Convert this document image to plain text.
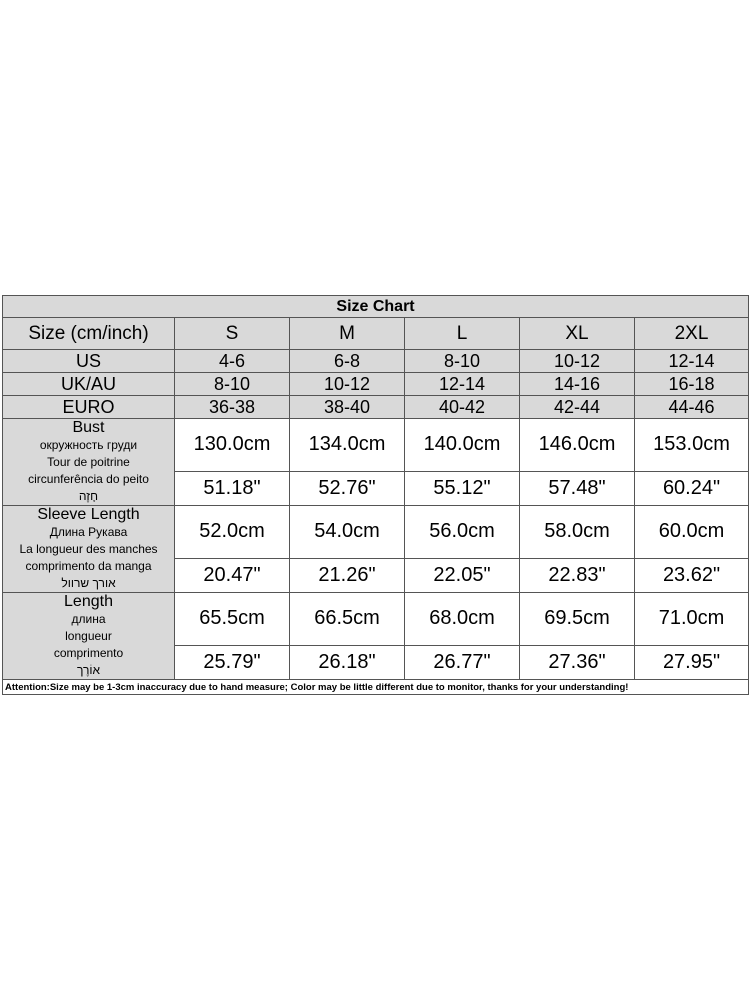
Size Chart					
Size (cm/inch)	S	M	L	XL	2XL
US	4-6	6-8	8-10	10-12	12-14
UK/AU	8-10	10-12	12-14	14-16	16-18
EURO	36-38	38-40	40-42	42-44	44-46

Bust
окружность груди
Tour de poitrine
circunferência do peito
חָזֶה	130.0cm	134.0cm	140.0cm	146.0cm	153.0cm
	51.18"	52.76"	55.12"	57.48"	60.24"

Sleeve Length
Длина Рукава
La longueur des manches
comprimento da manga
אורך שרוול	52.0cm	54.0cm	56.0cm	58.0cm	60.0cm
	20.47"	21.26"	22.05"	22.83"	23.62"

Length
длина
longueur
comprimento
אוֹרֶך	65.5cm	66.5cm	68.0cm	69.5cm	71.0cm
	25.79"	26.18"	26.77"	27.36"	27.95"
Attention:Size may be 1-3cm inaccuracy due to hand measure; Color may be little different due to monitor, thanks for your understanding!					
